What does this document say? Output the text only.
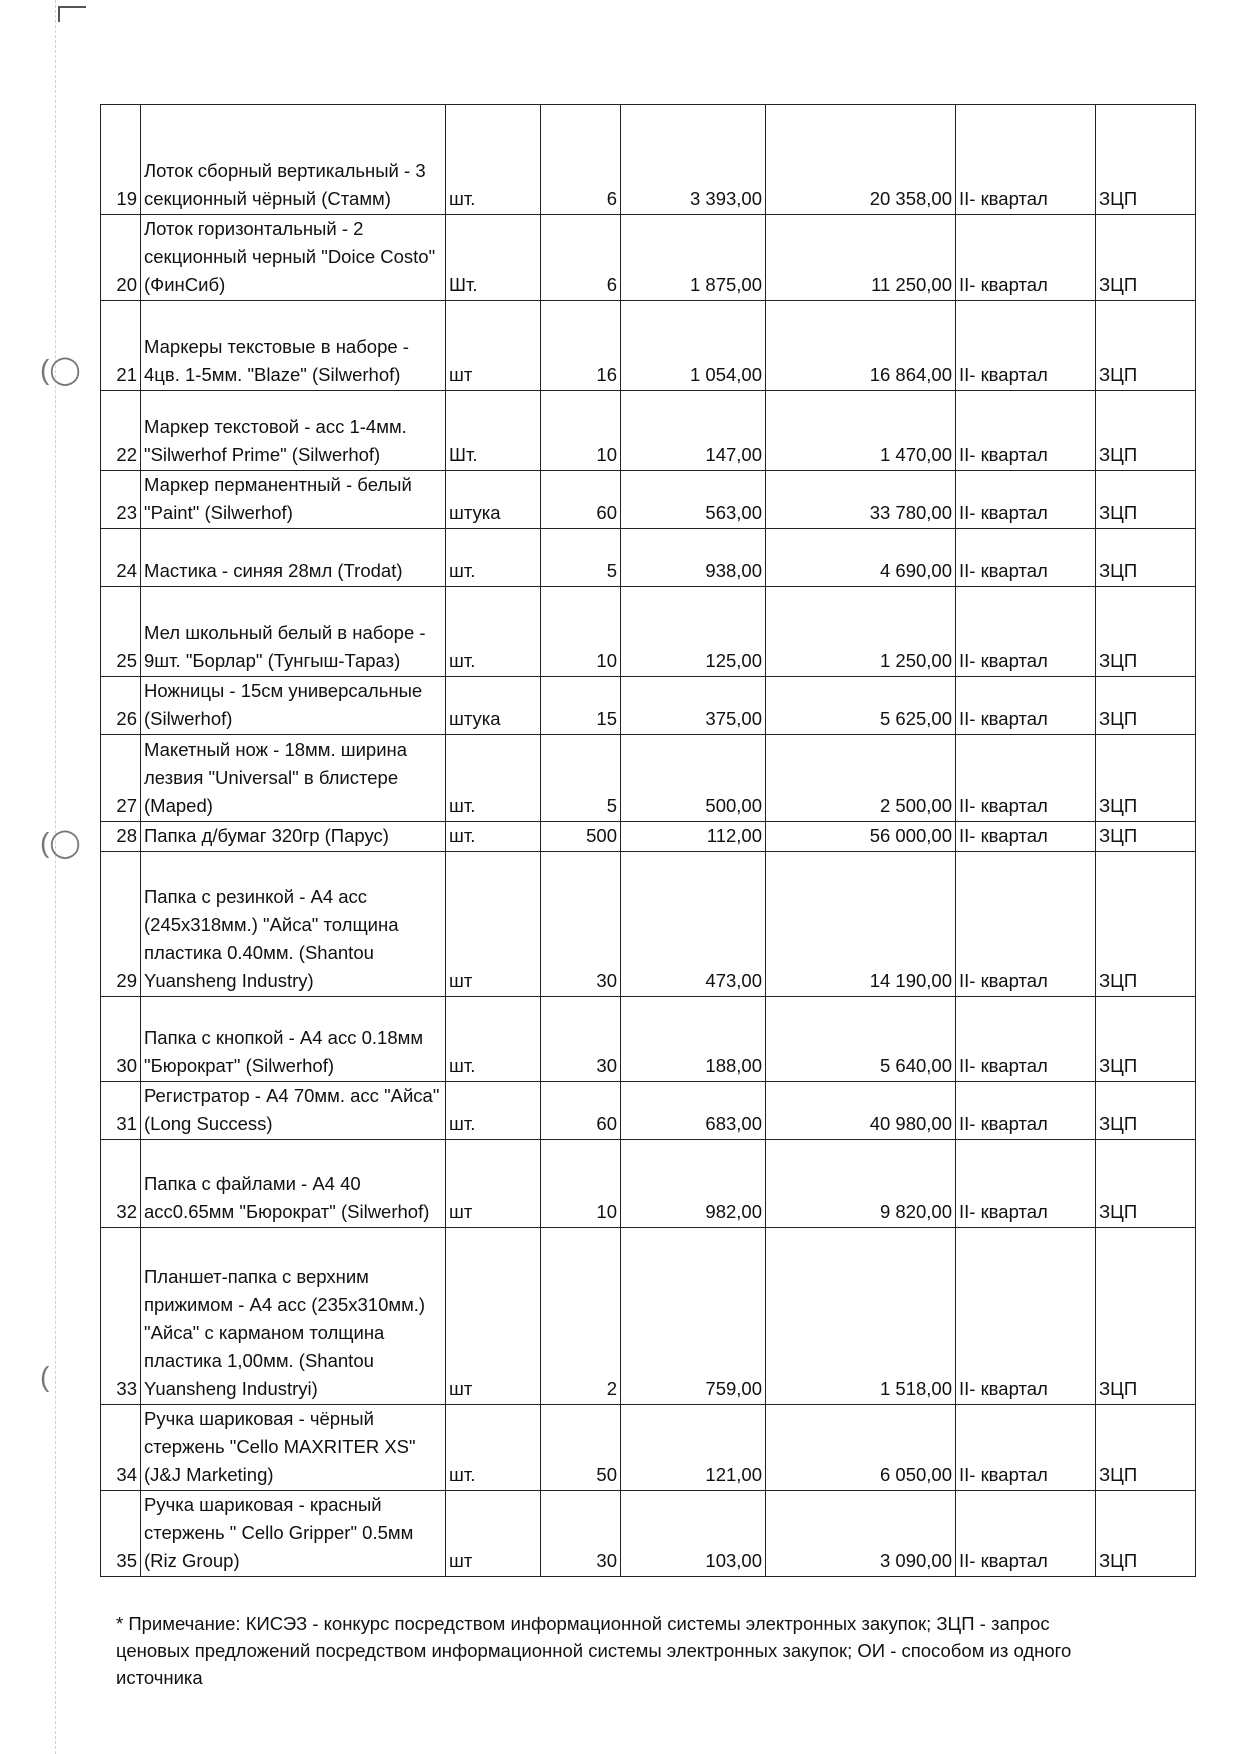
(◯
(◯
(
19	Лоток сборный вертикальный - 3 секционный чёрный (Стамм)	шт.	6	3 393,00	20 358,00	II- квартал	ЗЦП
20	Лоток горизонтальный - 2 секционный черный "Doice Costo" (ФинСиб)	Шт.	6	1 875,00	11 250,00	II- квартал	ЗЦП
21	Маркеры текстовые в наборе - 4цв. 1-5мм. "Blaze" (Silwerhof)	шт	16	1 054,00	16 864,00	II- квартал	ЗЦП
22	Маркер текстовой - асс 1-4мм. "Silwerhof Prime" (Silwerhof)	Шт.	10	147,00	1 470,00	II- квартал	ЗЦП
23	Маркер перманентный - белый "Paint" (Silwerhof)	штука	60	563,00	33 780,00	II- квартал	ЗЦП
24	Мастика - синяя 28мл (Trodat)	шт.	5	938,00	4 690,00	II- квартал	ЗЦП
25	Мел школьный белый в наборе - 9шт. "Борлар" (Тунгыш-Тараз)	шт.	10	125,00	1 250,00	II- квартал	ЗЦП
26	Ножницы - 15см универсальные (Silwerhof)	штука	15	375,00	5 625,00	II- квартал	ЗЦП
27	Макетный нож - 18мм. ширина лезвия "Universal" в блистере (Maped)	шт.	5	500,00	2 500,00	II- квартал	ЗЦП
28	Папка д/бумаг 320гр (Парус)	шт.	500	112,00	56 000,00	II- квартал	ЗЦП
29	Папка с резинкой - А4 асс (245х318мм.) "Айса" толщина пластика 0.40мм. (Shantou Yuansheng Industry)	шт	30	473,00	14 190,00	II- квартал	ЗЦП
30	Папка с кнопкой - А4 асс 0.18мм "Бюрократ" (Silwerhof)	шт.	30	188,00	5 640,00	II- квартал	ЗЦП
31	Регистратор - А4 70мм. асс "Айса" (Long Success)	шт.	60	683,00	40 980,00	II- квартал	ЗЦП
32	Папка с файлами - А4 40 асс0.65мм "Бюрократ" (Silwerhof)	шт	10	982,00	9 820,00	II- квартал	ЗЦП
33	Планшет-папка с верхним прижимом - А4 асс (235х310мм.) "Айса" с карманом толщина пластика 1,00мм. (Shantou Yuansheng Industryi)	шт	2	759,00	1 518,00	II- квартал	ЗЦП
34	Ручка шариковая - чёрный стержень "Cello MAXRITER XS" (J&J Marketing)	шт.	50	121,00	6 050,00	II- квартал	ЗЦП
35	Ручка шариковая - красный стержень " Cello Gripper" 0.5мм (Riz Group)	шт	30	103,00	3 090,00	II- квартал	ЗЦП
* Примечание: КИСЭЗ - конкурс посредством информационной системы электронных закупок; ЗЦП - запрос ценовых предложений посредством информационной системы электронных закупок; ОИ - способом из одного источника
